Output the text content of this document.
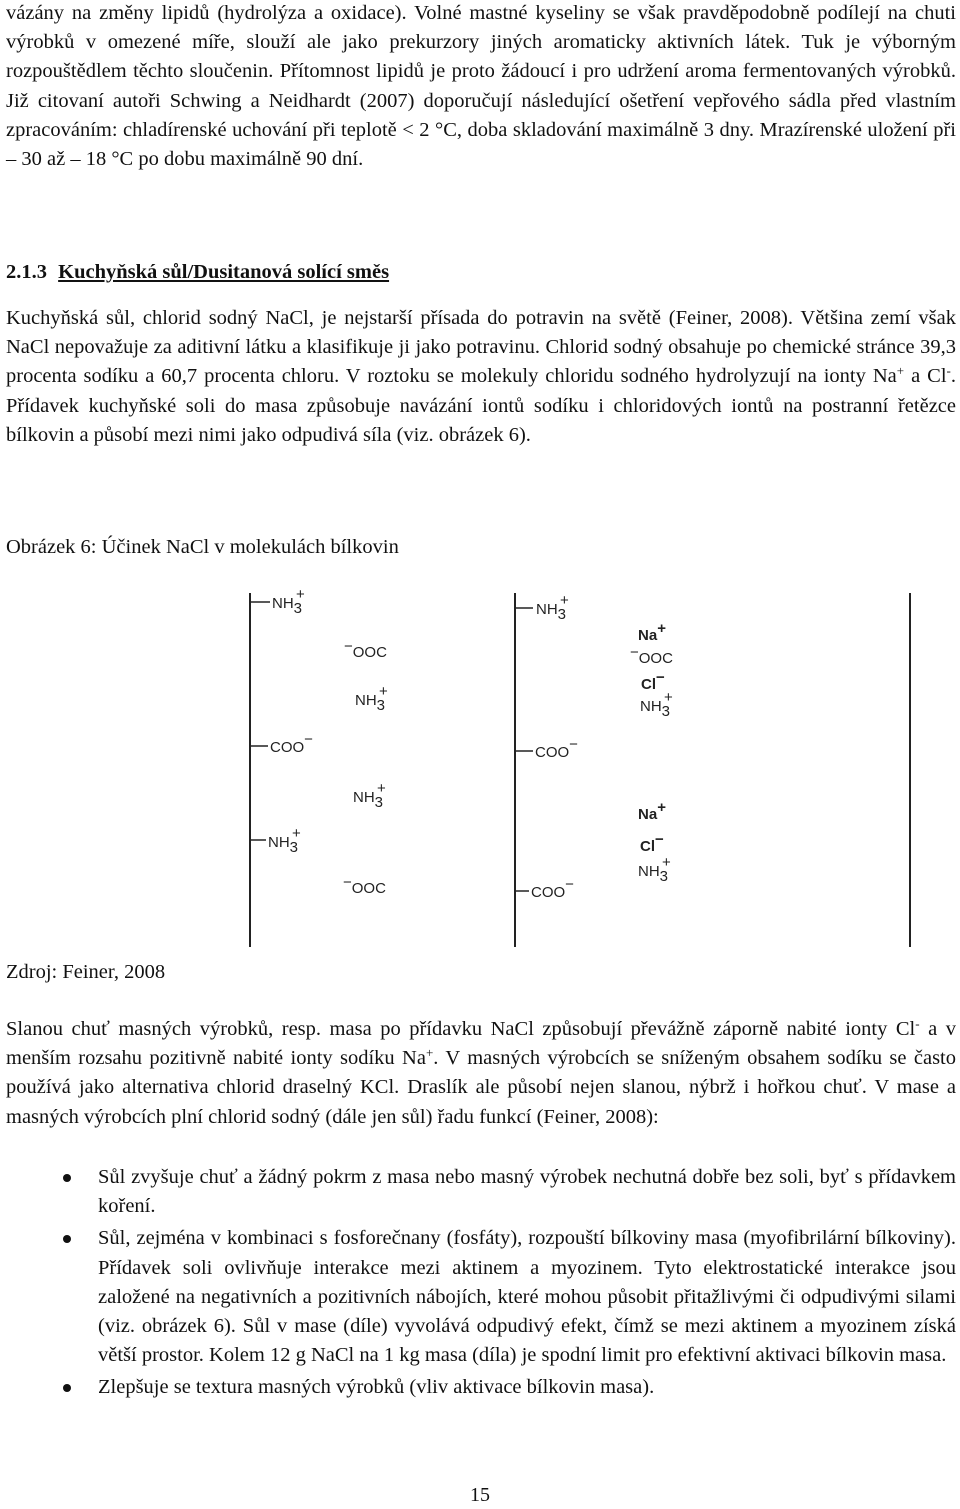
vázány na změny lipidů (hydrolýza a oxidace). Volné mastné kyseliny se však pravděpodobně podílejí na chuti výrobků v omezené míře, slouží ale jako prekurzory jiných aromaticky aktivních látek. Tuk je výborným rozpouštědlem těchto sloučenin. Přítomnost lipidů je proto žádoucí i pro udržení aroma fermentovaných výrobků. Již citovaní autoři Schwing a Neidhardt (2007) doporučují následující ošetření vepřového sádla před vlastním zpracováním: chladírenské uchování při teplotě < 2 °C, doba skladování maximálně 3 dny. Mrazírenské uložení při – 30 až – 18 °C po dobu maximálně 90 dní.

2.1.3 Kuchyňská sůl/Dusitanová solící směs

Kuchyňská sůl, chlorid sodný NaCl, je nejstarší přísada do potravin na světě (Feiner, 2008). Většina zemí však NaCl nepovažuje za aditivní látku a klasifikuje ji jako potravinu. Chlorid sodný obsahuje po chemické stránce 39,3 procenta sodíku a 60,7 procenta chloru. V roztoku se molekuly chloridu sodného hydrolyzují na ionty Na+ a Cl-. Přídavek kuchyňské soli do masa způsobuje navázání iontů sodíku i chloridových iontů na postranní řetězce bílkovin a působí mezi nimi jako odpudivá síla (viz. obrázek 6).

Obrázek 6: Účinek NaCl v molekulách bílkovin
Zdroj: Feiner, 2008

Slanou chuť masných výrobků, resp. masa po přídavku NaCl způsobují převážně záporně nabité ionty Cl- a v menším rozsahu pozitivně nabité ionty sodíku Na+. V masných výrobcích se sníženým obsahem sodíku se často používá jako alternativa chlorid draselný KCl. Draslík ale působí nejen slanou, nýbrž i hořkou chuť. V mase a masných výrobcích plní chlorid sodný (dále jen sůl) řadu funkcí (Feiner, 2008):

Sůl zvyšuje chuť a žádný pokrm z masa nebo masný výrobek nechutná dobře bez soli, byť s přídavkem koření.
Sůl, zejména v kombinaci s fosforečnany (fosfáty), rozpouští bílkoviny masa (myofibrilární bílkoviny). Přídavek soli ovlivňuje interakce mezi aktinem a myozinem. Tyto elektrostatické interakce jsou založené na negativních a pozitivních nábojích, které mohou působit přitažlivými či odpudivými silami (viz. obrázek 6). Sůl v mase (díle) vyvolává odpudivý efekt, čímž se mezi aktinem a myozinem získá větší prostor. Kolem 12 g NaCl na 1 kg masa (díla) je spodní limit pro efektivní aktivaci bílkovin masa.
Zlepšuje se textura masných výrobků (vliv aktivace bílkovin masa).
NH3+
COO−
NH3+
−OOC
NH3+
NH3+
−OOC
NH3+
COO−
COO−
Na+
−OOC
Cl−
NH3+
Na+
Cl−
NH3+
15
